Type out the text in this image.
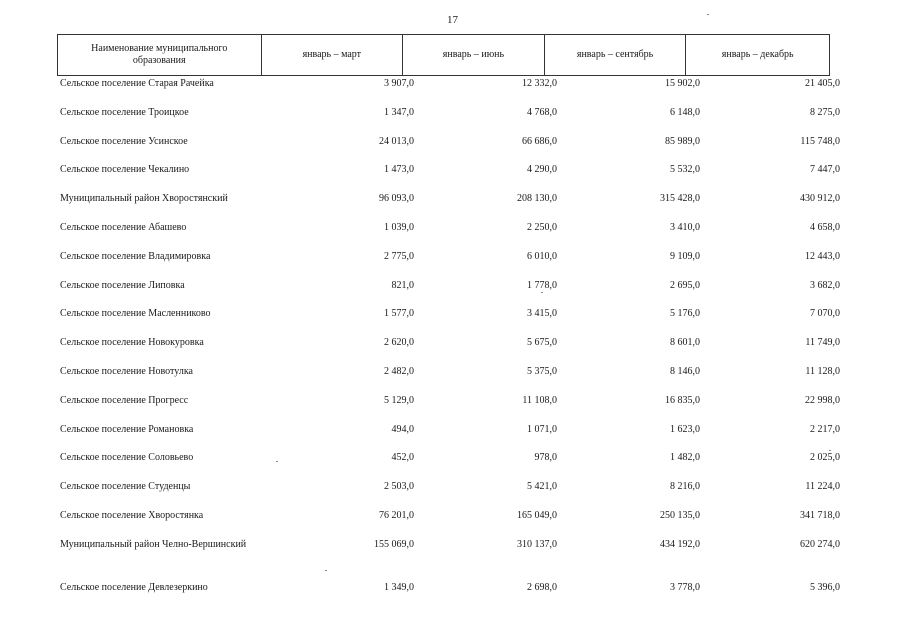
17
Наименование муниципального образования
январь – март	январь – июнь	январь – сентябрь	январь – декабрь
Сельское поселение Старая Рачейка	3 907,0	12 332,0	15 902,0	21 405,0
Сельское поселение Троицкое	1 347,0	4 768,0	6 148,0	8 275,0
Сельское поселение Усинское	24 013,0	66 686,0	85 989,0	115 748,0
Сельское поселение Чекалино	1 473,0	4 290,0	5 532,0	7 447,0
Муниципальный район Хворостянский	96 093,0	208 130,0	315 428,0	430 912,0
Сельское поселение Абашево	1 039,0	2 250,0	3 410,0	4 658,0
Сельское поселение Владимировка	2 775,0	6 010,0	9 109,0	12 443,0
Сельское поселение Липовка	821,0	1 778,0	2 695,0	3 682,0
Сельское поселение Масленниково	1 577,0	3 415,0	5 176,0	7 070,0
Сельское поселение Новокуровка	2 620,0	5 675,0	8 601,0	11 749,0
Сельское поселение Новотулка	2 482,0	5 375,0	8 146,0	11 128,0
Сельское поселение Прогресс	5 129,0	11 108,0	16 835,0	22 998,0
Сельское поселение Романовка	494,0	1 071,0	1 623,0	2 217,0
Сельское поселение Соловьево	452,0	978,0	1 482,0	2 025,0
Сельское поселение Студенцы	2 503,0	5 421,0	8 216,0	11 224,0
Сельское поселение Хворостянка	76 201,0	165 049,0	250 135,0	341 718,0
Муниципальный район Челно-Вершинский	155 069,0	310 137,0	434 192,0	620 274,0
Сельское поселение Девлезеркино	1 349,0	2 698,0	3 778,0	5 396,0
